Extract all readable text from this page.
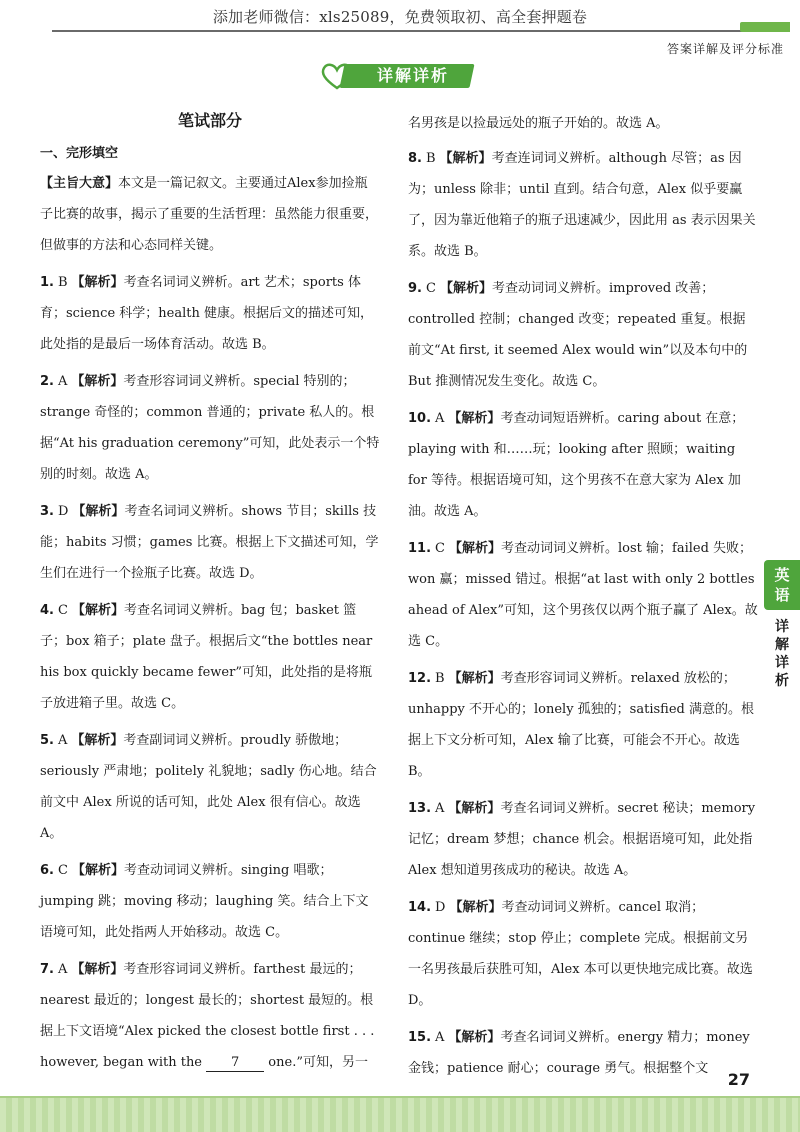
添加老师微信：xls25089，免费领取初、高全套押题卷
答案详解及评分标准
详解详析
笔试部分
一、完形填空
【主旨大意】本文是一篇记叙文。主要通过Alex参加捡瓶子比赛的故事，揭示了重要的生活哲理：虽然能力很重要，但做事的方法和心态同样关键。
1. B 【解析】考查名词词义辨析。art 艺术；sports 体育；science 科学；health 健康。根据后文的描述可知，此处指的是最后一场体育活动。故选 B。
2. A 【解析】考查形容词词义辨析。special 特别的；strange 奇怪的；common 普通的；private 私人的。根据“At his graduation ceremony”可知，此处表示一个特别的时刻。故选 A。
3. D 【解析】考查名词词义辨析。shows 节目；skills 技能；habits 习惯；games 比赛。根据上下文描述可知，学生们在进行一个捡瓶子比赛。故选 D。
4. C 【解析】考查名词词义辨析。bag 包；basket 篮子；box 箱子；plate 盘子。根据后文“the bottles near his box quickly became fewer”可知，此处指的是将瓶子放进箱子里。故选 C。
5. A 【解析】考查副词词义辨析。proudly 骄傲地；seriously 严肃地；politely 礼貌地；sadly 伤心地。结合前文中 Alex 所说的话可知，此处 Alex 很有信心。故选 A。
6. C 【解析】考查动词词义辨析。singing 唱歌；jumping 跳；moving 移动；laughing 笑。结合上下文语境可知，此处指两人开始移动。故选 C。
7. A 【解析】考查形容词词义辨析。farthest 最远的；nearest 最近的；longest 最长的；shortest 最短的。根据上下文语境“Alex picked the closest bottle first . . . however, began with the 7 one.”可知，另一
名男孩是以捡最远处的瓶子开始的。故选 A。
8. B 【解析】考查连词词义辨析。although 尽管；as 因为；unless 除非；until 直到。结合句意，Alex 似乎要赢了，因为靠近他箱子的瓶子迅速减少，因此用 as 表示因果关系。故选 B。
9. C 【解析】考查动词词义辨析。improved 改善；controlled 控制；changed 改变；repeated 重复。根据前文“At first, it seemed Alex would win”以及本句中的 But 推测情况发生变化。故选 C。
10. A 【解析】考查动词短语辨析。caring about 在意；playing with 和……玩；looking after 照顾；waiting for 等待。根据语境可知，这个男孩不在意大家为 Alex 加油。故选 A。
11. C 【解析】考查动词词义辨析。lost 输；failed 失败；won 赢；missed 错过。根据“at last with only 2 bottles ahead of Alex”可知，这个男孩仅以两个瓶子赢了 Alex。故选 C。
12. B 【解析】考查形容词词义辨析。relaxed 放松的；unhappy 不开心的；lonely 孤独的；satisfied 满意的。根据上下文分析可知，Alex 输了比赛，可能会不开心。故选 B。
13. A 【解析】考查名词词义辨析。secret 秘诀；memory 记忆；dream 梦想；chance 机会。根据语境可知，此处指 Alex 想知道男孩成功的秘诀。故选 A。
14. D 【解析】考查动词词义辨析。cancel 取消；continue 继续；stop 停止；complete 完成。根据前文另一名男孩最后获胜可知，Alex 本可以更快地完成比赛。故选 D。
15. A 【解析】考查名词词义辨析。energy 精力；money 金钱；patience 耐心；courage 勇气。根据整个文
英
语
详
解
详
析
27
